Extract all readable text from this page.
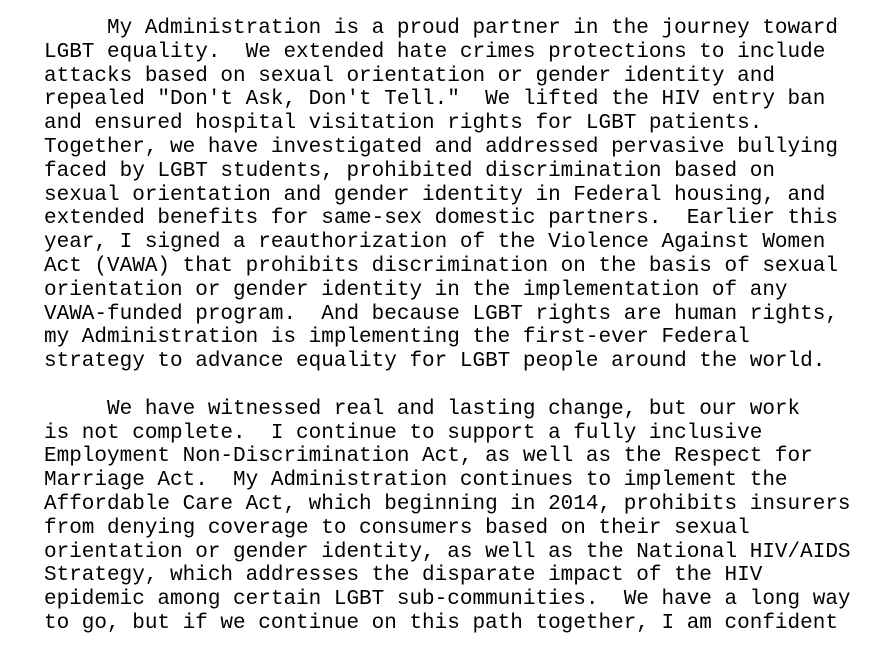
My Administration is a proud partner in the journey toward
LGBT equality.  We extended hate crimes protections to include
attacks based on sexual orientation or gender identity and
repealed "Don't Ask, Don't Tell."  We lifted the HIV entry ban
and ensured hospital visitation rights for LGBT patients.
Together, we have investigated and addressed pervasive bullying
faced by LGBT students, prohibited discrimination based on
sexual orientation and gender identity in Federal housing, and
extended benefits for same-sex domestic partners.  Earlier this
year, I signed a reauthorization of the Violence Against Women
Act (VAWA) that prohibits discrimination on the basis of sexual
orientation or gender identity in the implementation of any
VAWA-funded program.  And because LGBT rights are human rights,
my Administration is implementing the first-ever Federal
strategy to advance equality for LGBT people around the world.
We have witnessed real and lasting change, but our work
is not complete.  I continue to support a fully inclusive
Employment Non-Discrimination Act, as well as the Respect for
Marriage Act.  My Administration continues to implement the
Affordable Care Act, which beginning in 2014, prohibits insurers
from denying coverage to consumers based on their sexual
orientation or gender identity, as well as the National HIV/AIDS
Strategy, which addresses the disparate impact of the HIV
epidemic among certain LGBT sub-communities.  We have a long way
to go, but if we continue on this path together, I am confident
